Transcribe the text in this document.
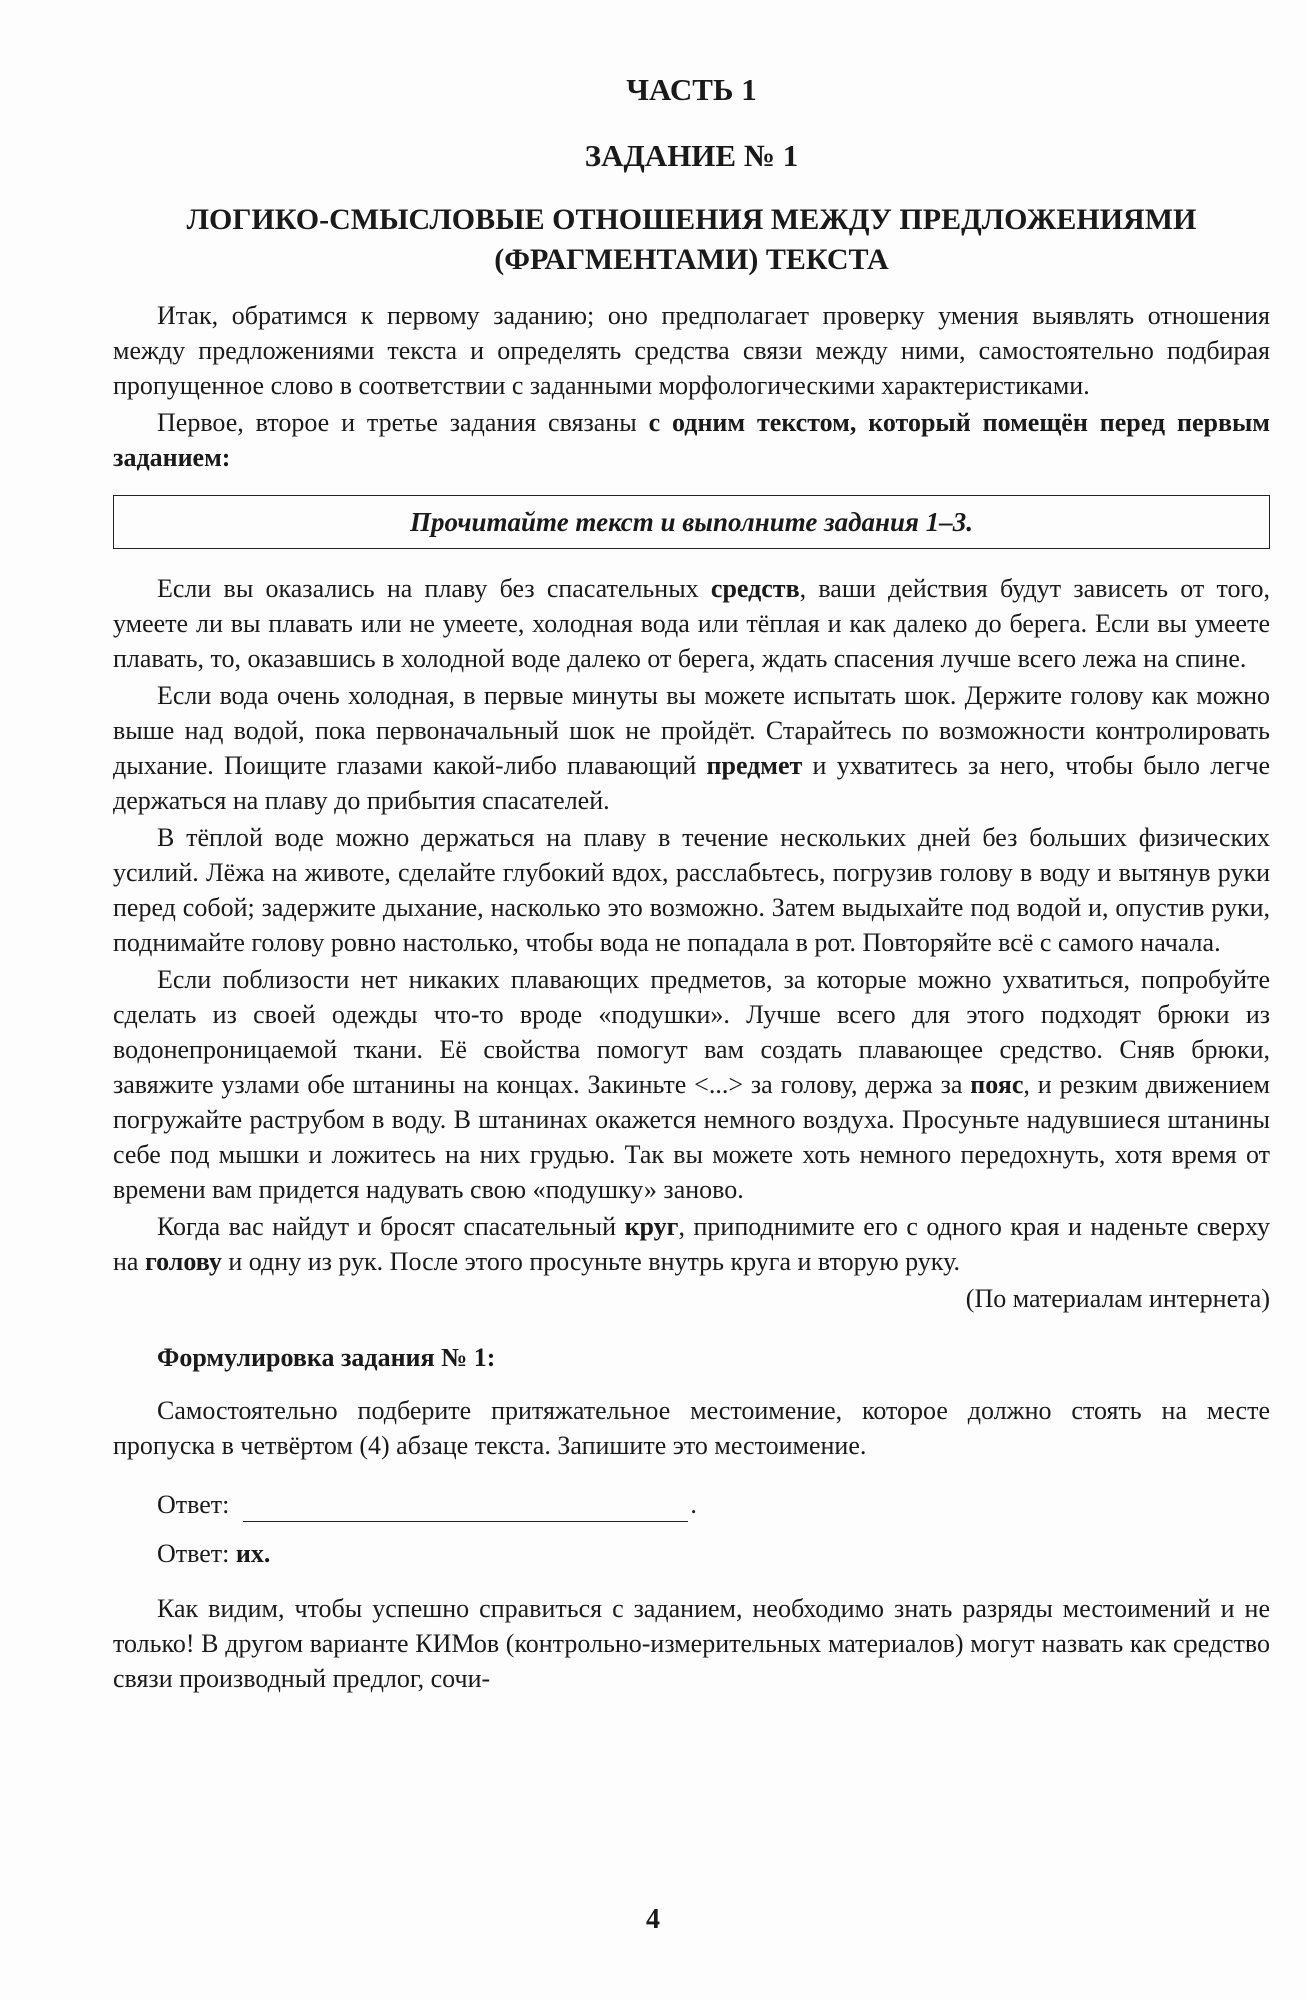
ЧАСТЬ 1
ЗАДАНИЕ № 1
ЛОГИКО-СМЫСЛОВЫЕ ОТНОШЕНИЯ МЕЖДУ ПРЕДЛОЖЕНИЯМИ
(ФРАГМЕНТАМИ) ТЕКСТА

Итак, обратимся к первому заданию; оно предполагает проверку умения выявлять отношения между предложениями текста и определять средства связи между ними, самостоятельно подбирая пропущенное слово в соответствии с заданными морфологическими характеристиками.

Первое, второе и третье задания связаны с одним текстом, который помещён перед первым заданием:

Прочитайте текст и выполните задания 1–3.

Если вы оказались на плаву без спасательных средств, ваши действия будут зависеть от того, умеете ли вы плавать или не умеете, холодная вода или тёплая и как далеко до берега. Если вы умеете плавать, то, оказавшись в холодной воде далеко от берега, ждать спасения лучше всего лежа на спине.

Если вода очень холодная, в первые минуты вы можете испытать шок. Держите голову как можно выше над водой, пока первоначальный шок не пройдёт. Старайтесь по возможности контролировать дыхание. Поищите глазами какой-либо плавающий предмет и ухватитесь за него, чтобы было легче держаться на плаву до прибытия спасателей.

В тёплой воде можно держаться на плаву в течение нескольких дней без больших физических усилий. Лёжа на животе, сделайте глубокий вдох, расслабьтесь, погрузив голову в воду и вытянув руки перед собой; задержите дыхание, насколько это возможно. Затем выдыхайте под водой и, опустив руки, поднимайте голову ровно настолько, чтобы вода не попадала в рот. Повторяйте всё с самого начала.

Если поблизости нет никаких плавающих предметов, за которые можно ухватиться, попробуйте сделать из своей одежды что-то вроде «подушки». Лучше всего для этого подходят брюки из водонепроницаемой ткани. Её свойства помогут вам создать плавающее средство. Сняв брюки, завяжите узлами обе штанины на концах. Закиньте <...> за голову, держа за пояс, и резким движением погружайте раструбом в воду. В штанинах окажется немного воздуха. Просуньте надувшиеся штанины себе под мышки и ложитесь на них грудью. Так вы можете хоть немного передохнуть, хотя время от времени вам придется надувать свою «подушку» заново.

Когда вас найдут и бросят спасательный круг, приподнимите его с одного края и наденьте сверху на голову и одну из рук. После этого просуньте внутрь круга и вторую руку.

(По материалам интернета)
Формулировка задания № 1:

Самостоятельно подберите притяжательное местоимение, которое должно стоять на месте пропуска в четвёртом (4) абзаце текста. Запишите это местоимение.

Ответ:	.
Ответ: их.

Как видим, чтобы успешно справиться с заданием, необходимо знать разряды местоимений и не только! В другом варианте КИМов (контрольно-измерительных материалов) могут назвать как средство связи производный предлог, сочи-

4
